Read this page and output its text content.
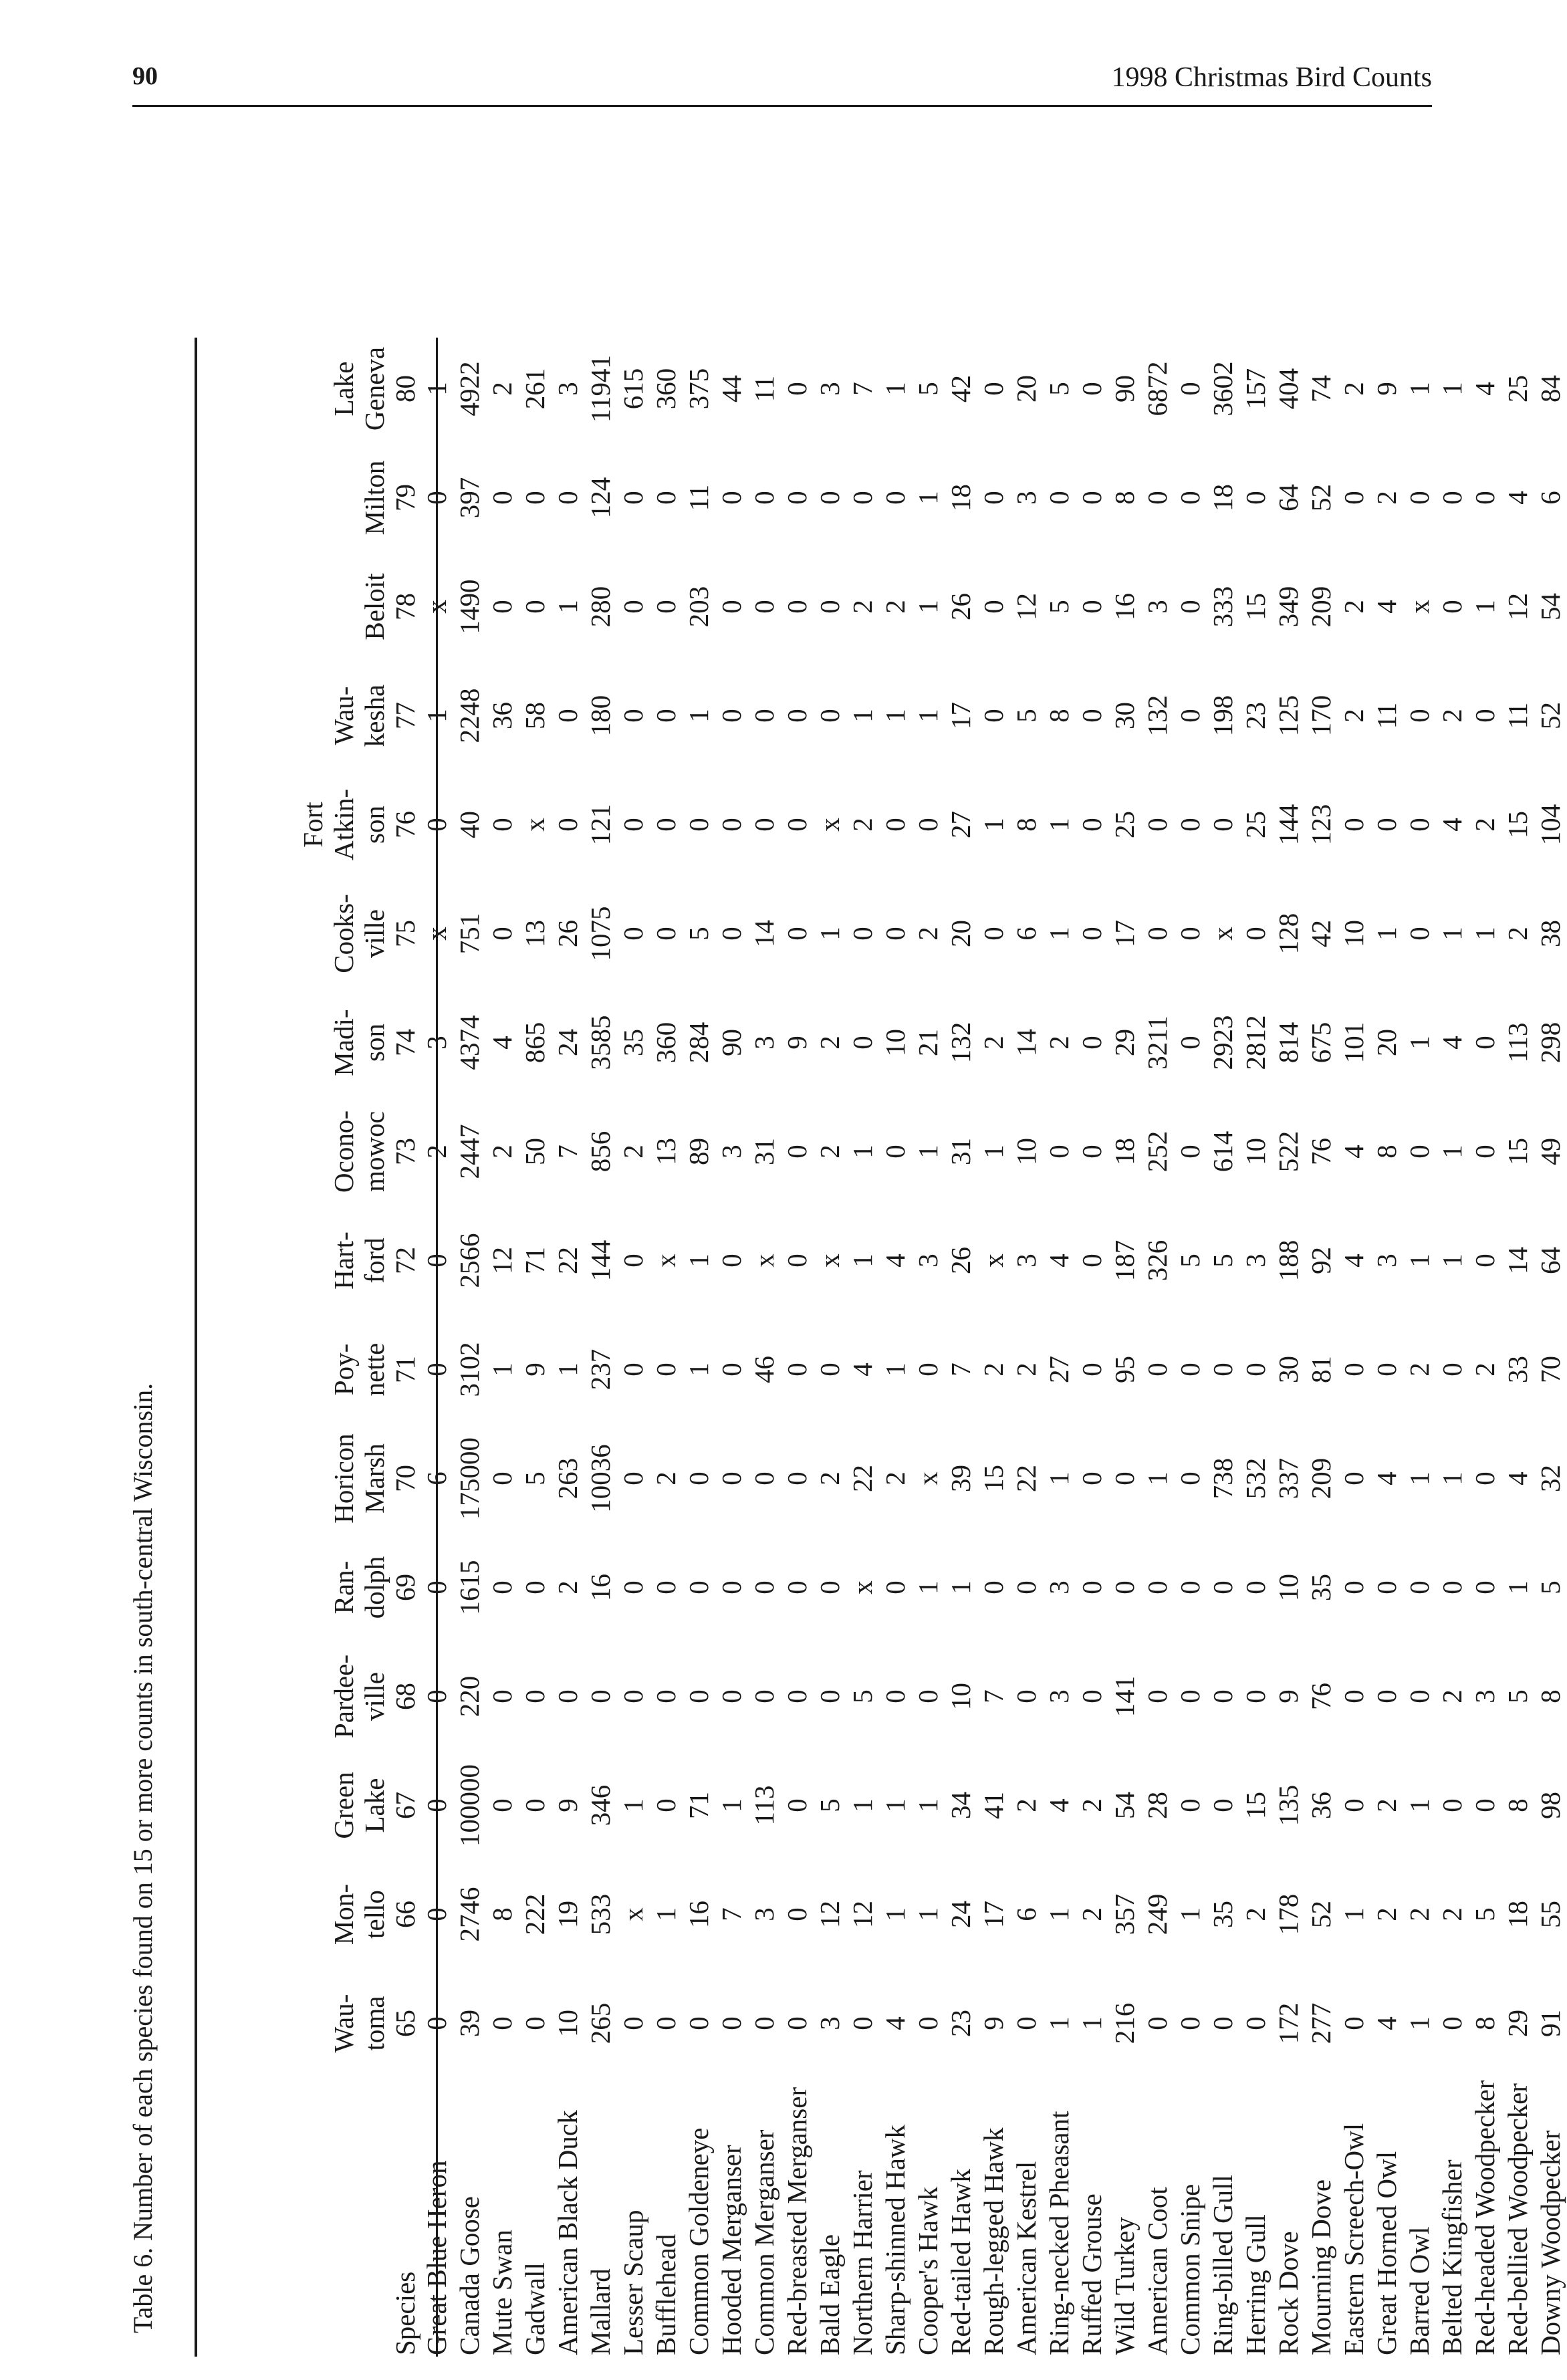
90	1998 Christmas Bird Counts
Table 6. Number of each species found on 15 or more counts in south-central Wisconsin.	Species	Wau-
toma
65	Mon-
tello
66	Green
Lake
67	Pardee-
ville
68	Ran-
dolph
69	Horicon
Marsh
70	Poy-
nette
71	Hart-
ford
72	Ocono-
mowoc
73	Madi-
son
74	Cooks-
ville
75	Fort
Atkin-
son
76	Wau-
kesha
77	Beloit
78	Milton
79	Lake
Geneva
80
Great Blue Heron	0	0	0	0	0	6	0	0	2	3	x	0	1	x	0	1
Canada Goose	39	2746	100000	220	1615	175000	3102	2566	2447	4374	751	40	2248	1490	397	4922
Mute Swan	0	8	0	0	0	0	1	12	2	4	0	0	36	0	0	2
Gadwall	0	222	0	0	0	5	9	71	50	865	13	x	58	0	0	261
American Black Duck	10	19	9	0	2	263	1	22	7	24	26	0	0	1	0	3
Mallard	265	533	346	0	16	10036	237	144	856	3585	1075	121	180	280	124	11941
Lesser Scaup	0	x	1	0	0	0	0	0	2	35	0	0	0	0	0	615
Bufflehead	0	1	0	0	0	2	0	x	13	360	0	0	0	0	0	360
Common Goldeneye	0	16	71	0	0	0	1	1	89	284	5	0	1	203	11	375
Hooded Merganser	0	7	1	0	0	0	0	0	3	90	0	0	0	0	0	44
Common Merganser	0	3	113	0	0	0	46	x	31	3	14	0	0	0	0	11
Red-breasted Merganser	0	0	0	0	0	0	0	0	0	9	0	0	0	0	0	0
Bald Eagle	3	12	5	0	0	2	0	x	2	2	1	x	0	0	0	3
Northern Harrier	0	12	1	5	x	22	4	1	1	0	0	2	1	2	0	7
Sharp-shinned Hawk	4	1	1	0	0	2	1	4	0	10	0	0	1	2	0	1
Cooper's Hawk	0	1	1	0	1	x	0	3	1	21	2	0	1	1	1	5
Red-tailed Hawk	23	24	34	10	1	39	7	26	31	132	20	27	17	26	18	42
Rough-legged Hawk	9	17	41	7	0	15	2	x	1	2	0	1	0	0	0	0
American Kestrel	0	6	2	0	0	22	2	3	10	14	6	8	5	12	3	20
Ring-necked Pheasant	1	1	4	3	3	1	27	4	0	2	1	1	8	5	0	5
Ruffed Grouse	1	2	2	0	0	0	0	0	0	0	0	0	0	0	0	0
Wild Turkey	216	357	54	141	0	0	95	187	18	29	17	25	30	16	8	90
American Coot	0	249	28	0	0	1	0	326	252	3211	0	0	132	3	0	6872
Common Snipe	0	1	0	0	0	0	0	5	0	0	0	0	0	0	0	0
Ring-billed Gull	0	35	0	0	0	738	0	5	614	2923	x	0	198	333	18	3602
Herring Gull	0	2	15	0	0	532	0	3	10	2812	0	25	23	15	0	157
Rock Dove	172	178	135	9	10	337	30	188	522	814	128	144	125	349	64	404
Mourning Dove	277	52	36	76	35	209	81	92	76	675	42	123	170	209	52	74
Eastern Screech-Owl	0	1	0	0	0	0	0	4	4	101	10	0	2	2	0	2
Great Horned Owl	4	2	2	0	0	4	0	3	8	20	1	0	11	4	2	9
Barred Owl	1	2	1	0	0	1	2	1	0	1	0	0	0	x	0	1
Belted Kingfisher	0	2	0	2	0	1	0	1	1	4	1	4	2	0	0	1
Red-headed Woodpecker	8	5	0	3	0	0	2	0	0	0	1	2	0	1	0	4
Red-bellied Woodpecker	29	18	8	5	1	4	33	14	15	113	2	15	11	12	4	25
Downy Woodpecker	91	55	98	8	5	32	70	64	49	298	38	104	52	54	6	84
